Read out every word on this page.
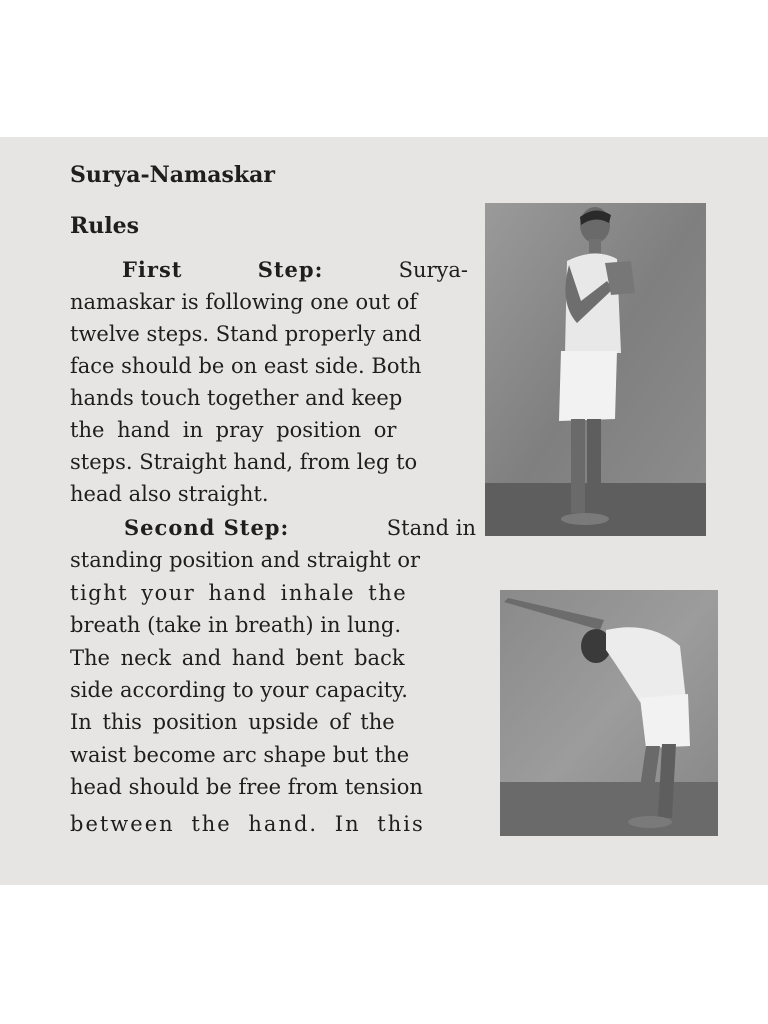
Surya-Namaskar
Rules
First	Step:	Surya-
namaskar is following one out of
twelve steps. Stand properly and
face should be on east side. Both
hands touch together and keep
the hand in pray position or
steps. Straight hand, from leg to
head also straight.
Second Step:	Stand in
standing position and straight or
tight your hand inhale the
breath (take in breath) in lung.
The neck and hand bent back
side according to your capacity.
In this position upside of the
waist become arc shape but the
head should be free from tension
between the hand. In this
